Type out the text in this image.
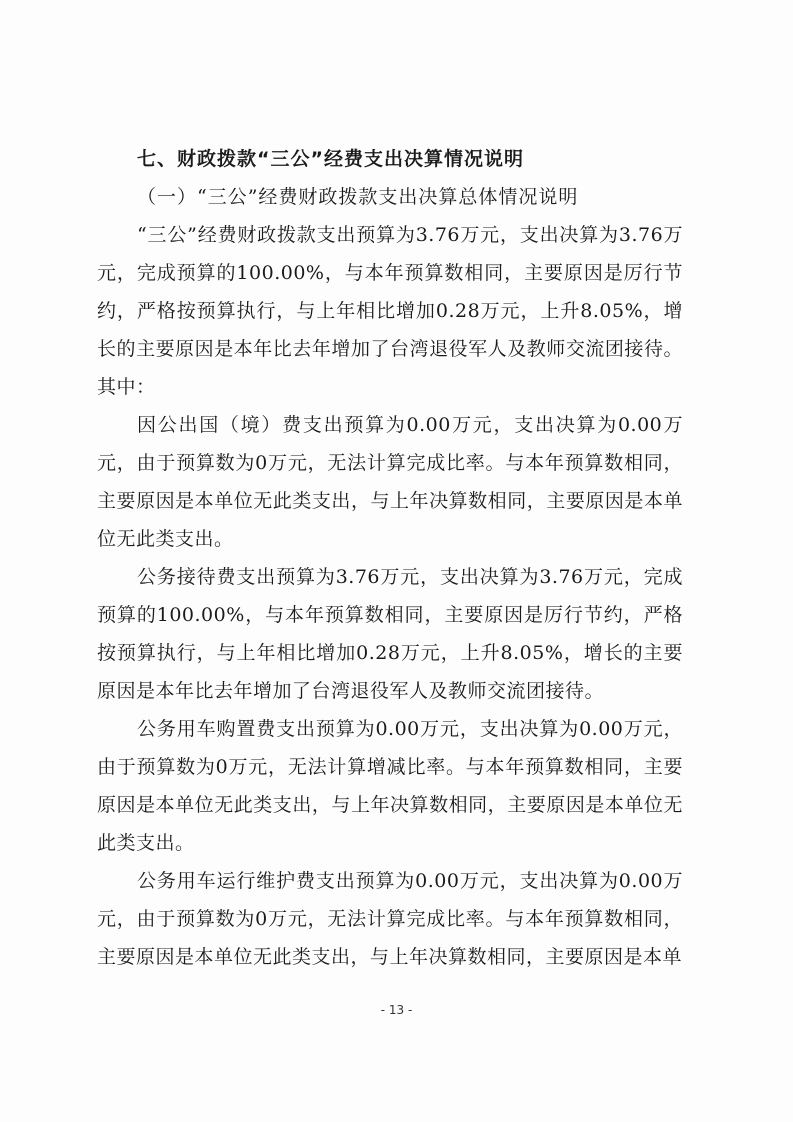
七、财政拨款“三公”经费支出决算情况说明
（一）“三公”经费财政拨款支出决算总体情况说明

“三公”经费财政拨款支出预算为3.76万元，支出决算为3.76万元，完成预算的100.00%，与本年预算数相同，主要原因是厉行节约，严格按预算执行，与上年相比增加0.28万元，上升8.05%，增长的主要原因是本年比去年增加了台湾退役军人及教师交流团接待。其中：

因公出国（境）费支出预算为0.00万元，支出决算为0.00万元，由于预算数为0万元，无法计算完成比率。与本年预算数相同，主要原因是本单位无此类支出，与上年决算数相同，主要原因是本单位无此类支出。

公务接待费支出预算为3.76万元，支出决算为3.76万元，完成预算的100.00%，与本年预算数相同，主要原因是厉行节约，严格按预算执行，与上年相比增加0.28万元，上升8.05%，增长的主要原因是本年比去年增加了台湾退役军人及教师交流团接待。

公务用车购置费支出预算为0.00万元，支出决算为0.00万元，由于预算数为0万元，无法计算增减比率。与本年预算数相同，主要原因是本单位无此类支出，与上年决算数相同，主要原因是本单位无此类支出。

公务用车运行维护费支出预算为0.00万元，支出决算为0.00万元，由于预算数为0万元，无法计算完成比率。与本年预算数相同，主要原因是本单位无此类支出，与上年决算数相同，主要原因是本单

- 13 -
